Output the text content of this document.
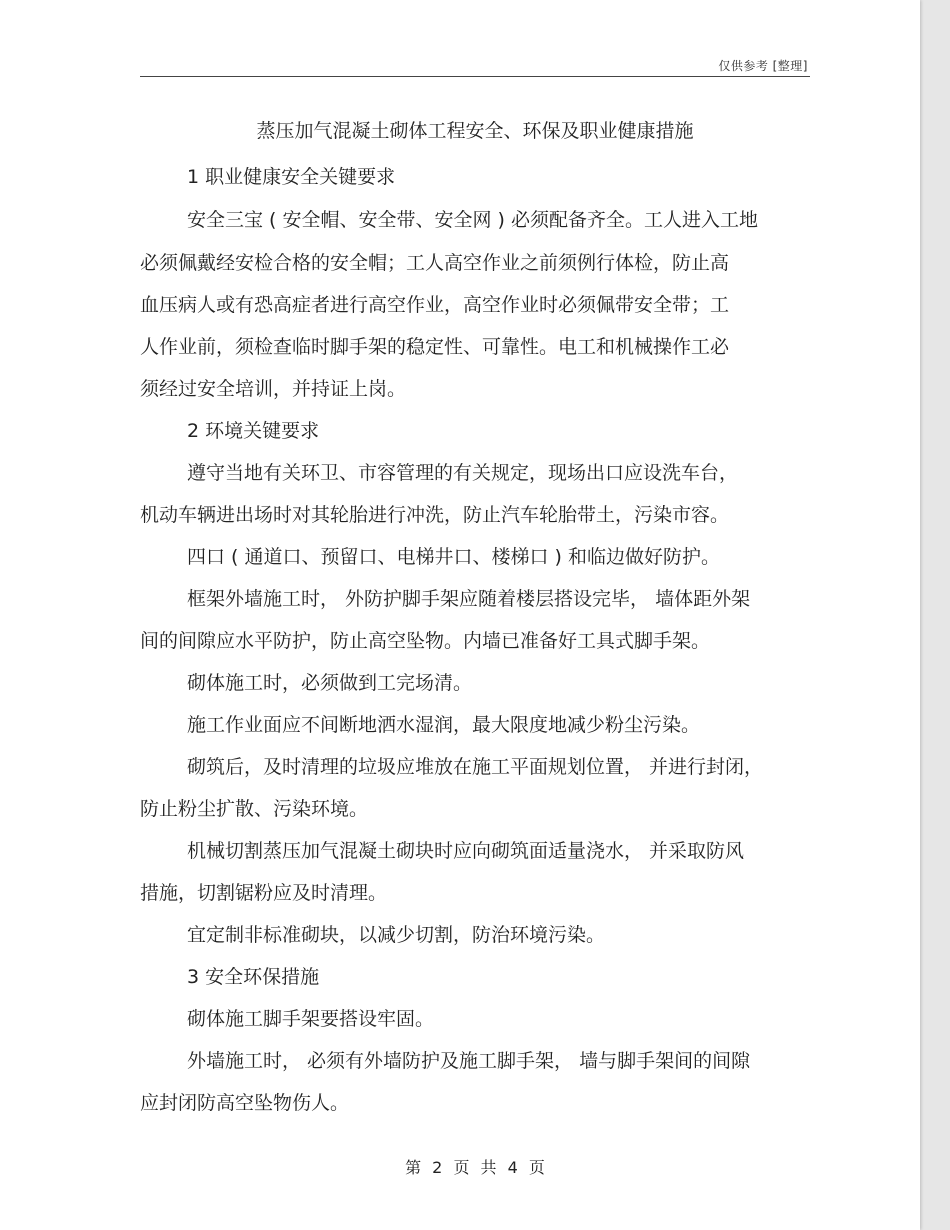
仅供参考 [整理]
蒸压加气混凝土砌体工程安全、环保及职业健康措施
1 职业健康安全关键要求
安全三宝 ( 安全帽、安全带、安全网 ) 必须配备齐全。工人进入工地
必须佩戴经安检合格的安全帽；工人高空作业之前须例行体检，防止高
血压病人或有恐高症者进行高空作业，高空作业时必须佩带安全带；工
人作业前，须检查临时脚手架的稳定性、可靠性。电工和机械操作工必
须经过安全培训，并持证上岗。
2 环境关键要求
遵守当地有关环卫、市容管理的有关规定，现场出口应设洗车台，
机动车辆进出场时对其轮胎进行冲洗，防止汽车轮胎带土，污染市容。
四口 ( 通道口、预留口、电梯井口、楼梯口 ) 和临边做好防护。
框架外墙施工时， 外防护脚手架应随着楼层搭设完毕， 墙体距外架
间的间隙应水平防护，防止高空坠物。内墙已准备好工具式脚手架。
砌体施工时，必须做到工完场清。
施工作业面应不间断地洒水湿润，最大限度地减少粉尘污染。
砌筑后，及时清理的垃圾应堆放在施工平面规划位置， 并进行封闭，
防止粉尘扩散、污染环境。
机械切割蒸压加气混凝土砌块时应向砌筑面适量浇水， 并采取防风
措施，切割锯粉应及时清理。
宜定制非标准砌块，以减少切割，防治环境污染。
3 安全环保措施
砌体施工脚手架要搭设牢固。
外墙施工时， 必须有外墙防护及施工脚手架， 墙与脚手架间的间隙
应封闭防高空坠物伤人。
第 2 页 共 4 页
